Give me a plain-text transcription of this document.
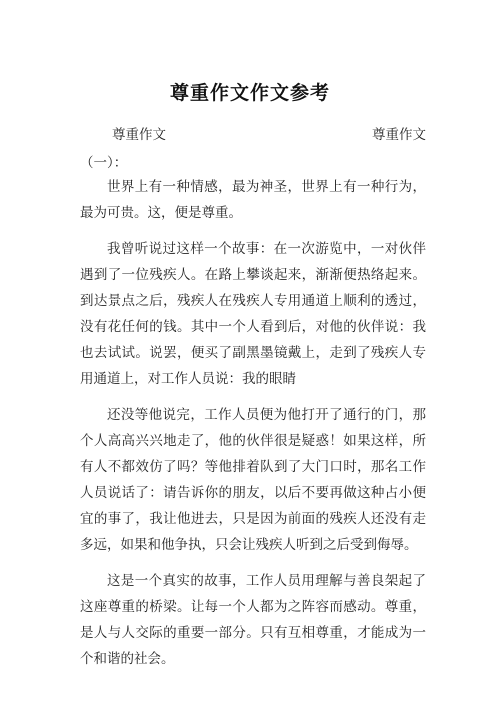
尊重作文作文参考
尊重作文	尊重作文
（一）：

世界上有一种情感，最为神圣，世界上有一种行为，最为可贵。这，便是尊重。

我曾听说过这样一个故事：在一次游览中，一对伙伴遇到了一位残疾人。在路上攀谈起来，渐渐便热络起来。到达景点之后，残疾人在残疾人专用通道上顺利的透过，没有花任何的钱。其中一个人看到后，对他的伙伴说：我也去试试。说罢，便买了副黑墨镜戴上，走到了残疾人专用通道上，对工作人员说：我的眼睛

还没等他说完，工作人员便为他打开了通行的门，那个人高高兴兴地走了，他的伙伴很是疑惑！如果这样，所有人不都效仿了吗？等他排着队到了大门口时，那名工作人员说话了：请告诉你的朋友，以后不要再做这种占小便宜的事了，我让他进去，只是因为前面的残疾人还没有走多远，如果和他争执，只会让残疾人听到之后受到侮辱。

这是一个真实的故事，工作人员用理解与善良架起了这座尊重的桥梁。让每一个人都为之阵容而感动。尊重，是人与人交际的重要一部分。只有互相尊重，才能成为一个和谐的社会。
